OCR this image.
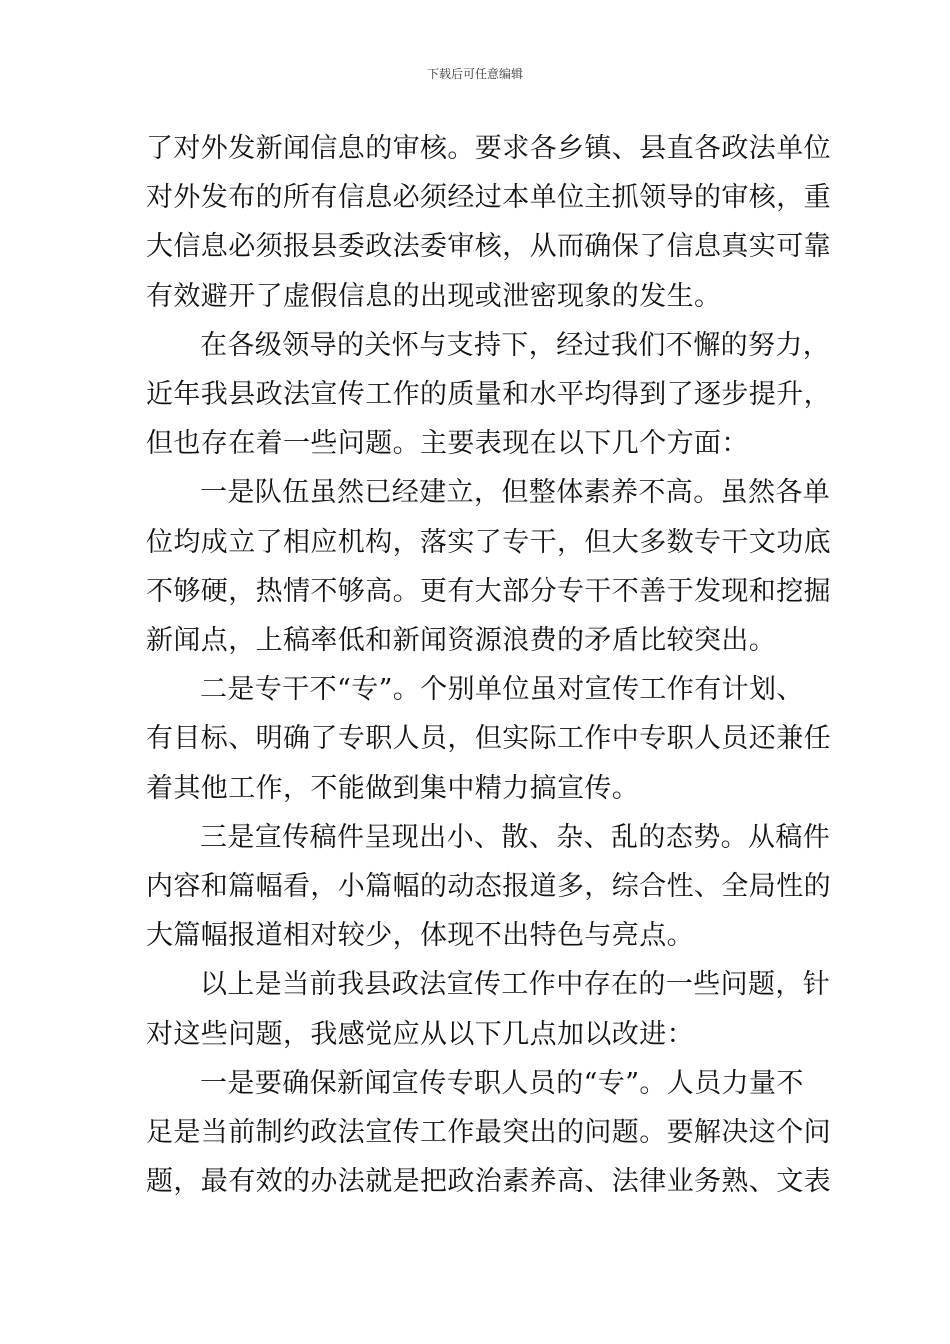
下载后可任意编辑

了对外发新闻信息的审核。要求各乡镇、县直各政法单位
对外发布的所有信息必须经过本单位主抓领导的审核，重
大信息必须报县委政法委审核，从而确保了信息真实可靠
有效避开了虚假信息的出现或泄密现象的发生。

在各级领导的关怀与支持下，经过我们不懈的努力，
近年我县政法宣传工作的质量和水平均得到了逐步提升，
但也存在着一些问题。主要表现在以下几个方面：

一是队伍虽然已经建立，但整体素养不高。虽然各单
位均成立了相应机构，落实了专干，但大多数专干文功底
不够硬，热情不够高。更有大部分专干不善于发现和挖掘
新闻点，上稿率低和新闻资源浪费的矛盾比较突出。

二是专干不“专”。个别单位虽对宣传工作有计划、
有目标、明确了专职人员，但实际工作中专职人员还兼任
着其他工作，不能做到集中精力搞宣传。

三是宣传稿件呈现出小、散、杂、乱的态势。从稿件
内容和篇幅看，小篇幅的动态报道多，综合性、全局性的
大篇幅报道相对较少，体现不出特色与亮点。

以上是当前我县政法宣传工作中存在的一些问题，针
对这些问题，我感觉应从以下几点加以改进：

一是要确保新闻宣传专职人员的“专”。人员力量不
足是当前制约政法宣传工作最突出的问题。要解决这个问
题，最有效的办法就是把政治素养高、法律业务熟、文表
